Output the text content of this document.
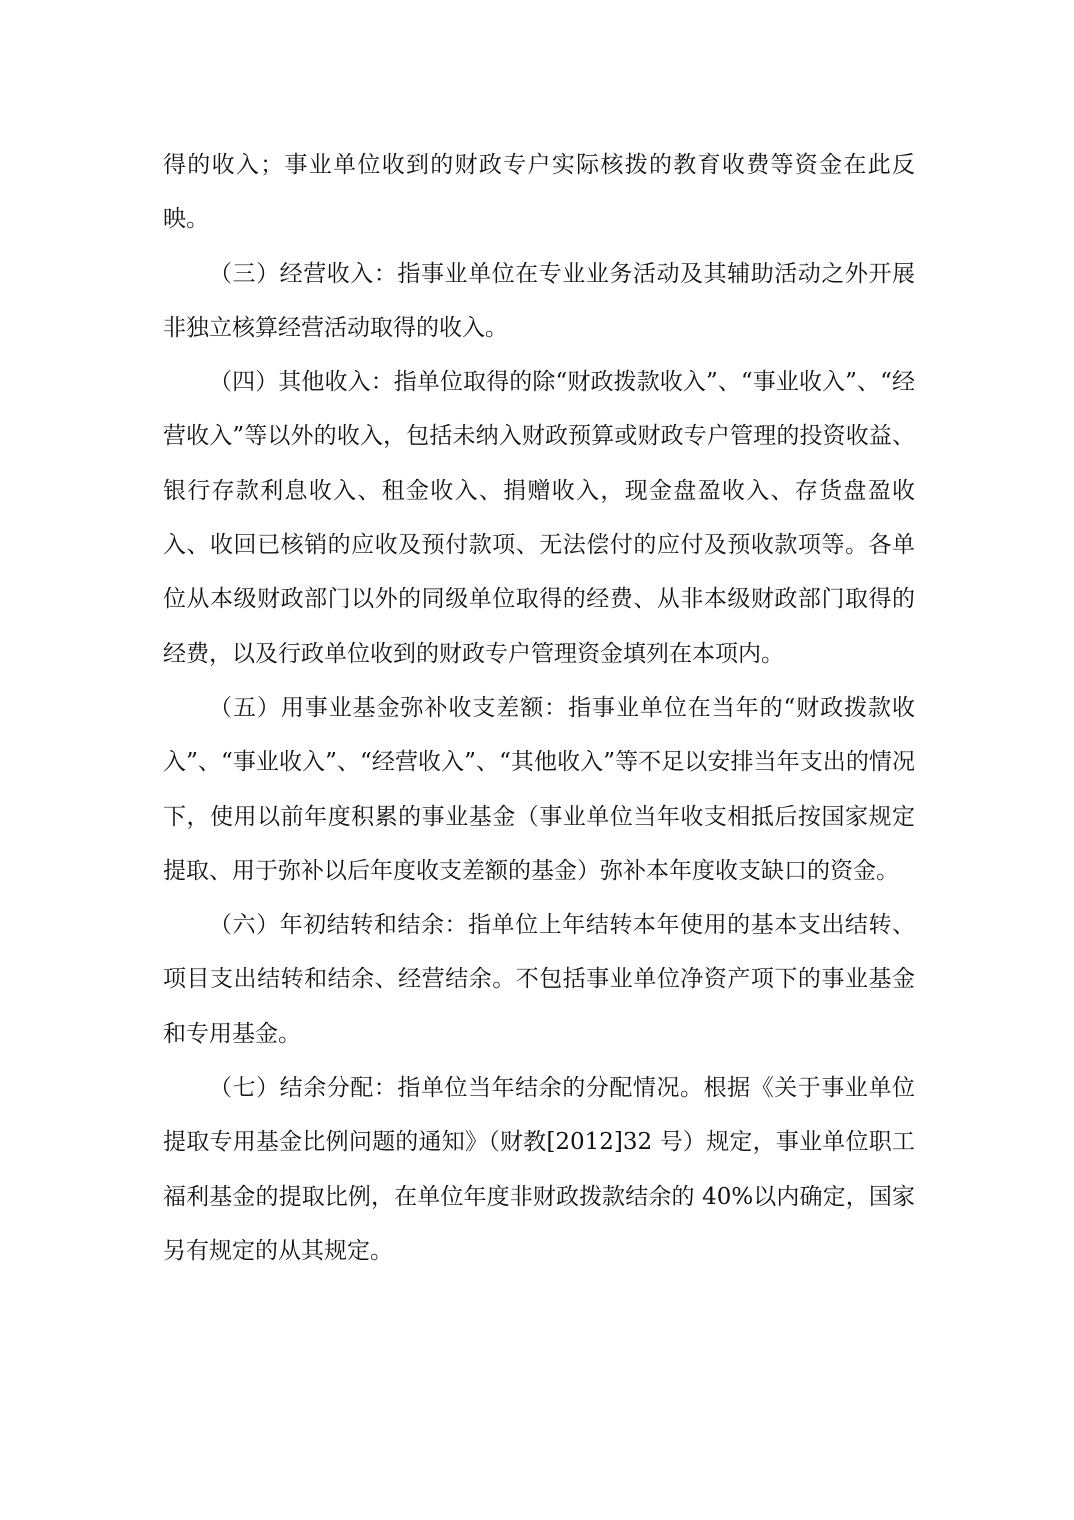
得的收入；事业单位收到的财政专户实际核拨的教育收费等资金在此反映。

（三）经营收入：指事业单位在专业业务活动及其辅助活动之外开展非独立核算经营活动取得的收入。

（四）其他收入：指单位取得的除“财政拨款收入”、“事业收入”、“经营收入”等以外的收入，包括未纳入财政预算或财政专户管理的投资收益、银行存款利息收入、租金收入、捐赠收入，现金盘盈收入、存货盘盈收入、收回已核销的应收及预付款项、无法偿付的应付及预收款项等。各单位从本级财政部门以外的同级单位取得的经费、从非本级财政部门取得的经费，以及行政单位收到的财政专户管理资金填列在本项内。

（五）用事业基金弥补收支差额：指事业单位在当年的“财政拨款收入”、“事业收入”、“经营收入”、“其他收入”等不足以安排当年支出的情况下，使用以前年度积累的事业基金（事业单位当年收支相抵后按国家规定提取、用于弥补以后年度收支差额的基金）弥补本年度收支缺口的资金。

（六）年初结转和结余：指单位上年结转本年使用的基本支出结转、项目支出结转和结余、经营结余。不包括事业单位净资产项下的事业基金和专用基金。

（七）结余分配：指单位当年结余的分配情况。根据《关于事业单位提取专用基金比例问题的通知》（财教[2012]32 号）规定，事业单位职工福利基金的提取比例，在单位年度非财政拨款结余的 40%以内确定，国家另有规定的从其规定。
